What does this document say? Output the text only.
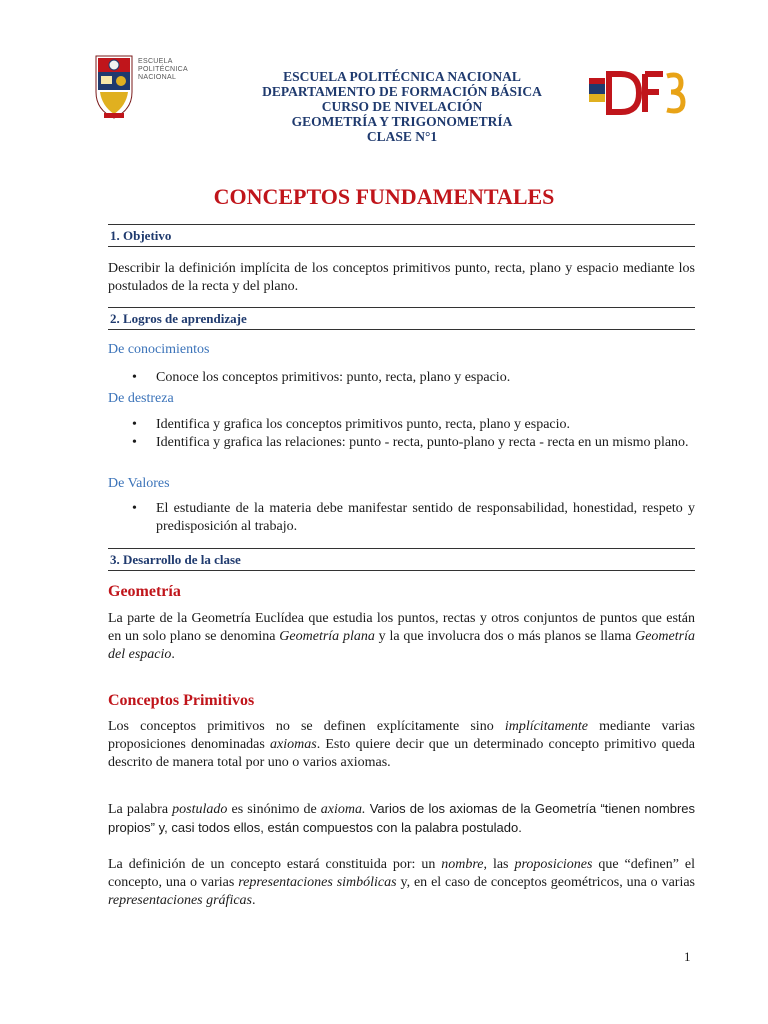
ESCUELA
POLITÉCNICA
NACIONAL	ESCUELA POLITÉCNICA NACIONAL
DEPARTAMENTO DE FORMACIÓN BÁSICA
CURSO DE NIVELACIÓN
GEOMETRÍA Y TRIGONOMETRÍA
CLASE N°1
CONCEPTOS FUNDAMENTALES
1. Objetivo
Describir la definición implícita de los conceptos primitivos punto, recta, plano y espacio mediante los postulados de la recta y del plano.
2. Logros de aprendizaje
De conocimientos
• Conoce los conceptos primitivos: punto, recta, plano y espacio.
De destreza
• Identifica y grafica los conceptos primitivos punto, recta, plano y espacio.
• Identifica y grafica las relaciones: punto - recta, punto-plano y recta - recta en un mismo plano.
De Valores
• El estudiante de la materia debe manifestar sentido de responsabilidad, honestidad, respeto y predisposición al trabajo.
3. Desarrollo de la clase
Geometría
La parte de la Geometría Euclídea que estudia los puntos, rectas y otros conjuntos de puntos que están en un solo plano se denomina Geometría plana y la que involucra dos o más planos se llama Geometría del espacio.
Conceptos Primitivos
Los conceptos primitivos no se definen explícitamente sino implícitamente mediante varias proposiciones denominadas axiomas. Esto quiere decir que un determinado concepto primitivo queda descrito de manera total por uno o varios axiomas.
La palabra postulado es sinónimo de axioma. Varios de los axiomas de la Geometría “tienen nombres propios” y, casi todos ellos, están compuestos con la palabra postulado.
La definición de un concepto estará constituida por: un nombre, las proposiciones que “definen” el concepto, una o varias representaciones simbólicas y, en el caso de conceptos geométricos, una o varias representaciones gráficas.
1
